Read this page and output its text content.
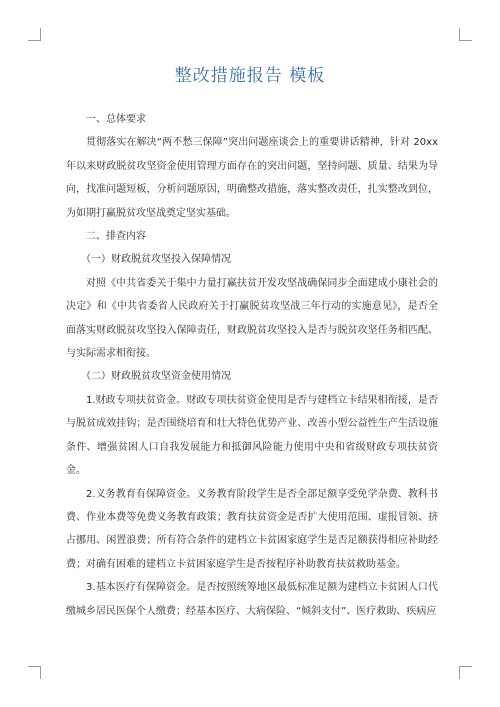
整改措施报告 模板

一、总体要求

贯彻落实在解决“两不愁三保障”突出问题座谈会上的重要讲话精神，针对 20xx 年以来财政脱贫攻坚资金使用管理方面存在的突出问题，坚持问题、质量、结果为导向，找准问题短板，分析问题原因，明确整改措施，落实整改责任，扎实整改到位，为如期打赢脱贫攻坚战奠定坚实基础。

二、排查内容

（一）财政脱贫攻坚投入保障情况

对照《中共省委关于集中力量打赢扶贫开发攻坚战确保同步全面建成小康社会的决定》和《中共省委省人民政府关于打赢脱贫攻坚战三年行动的实施意见》，是否全面落实财政脱贫攻坚投入保障责任，财政脱贫攻坚投入是否与脱贫攻坚任务相匹配、与实际需求相衔接。

（二）财政脱贫攻坚资金使用情况

1.财政专项扶贫资金。财政专项扶贫资金使用是否与建档立卡结果相衔接，是否与脱贫成效挂钩；是否围绕培育和壮大特色优势产业、改善小型公益性生产生活设施条件、增强贫困人口自我发展能力和抵御风险能力使用中央和省级财政专项扶贫资金。

2.义务教育有保障资金。义务教育阶段学生是否全部足额享受免学杂费、教科书费、作业本费等免费义务教育政策；教育扶贫资金是否扩大使用范围、虚报冒领、挤占挪用、闲置浪费；所有符合条件的建档立卡贫困家庭学生是否足额获得相应补助经费；对确有困难的建档立卡贫困家庭学生是否按程序补助教育扶贫救助基金。

3.基本医疗有保障资金。是否按照统筹地区最低标准足额为建档立卡贫困人口代缴城乡居民医保个人缴费；经基本医疗、大病保险、“倾斜支付”、医疗救助、疾病应
